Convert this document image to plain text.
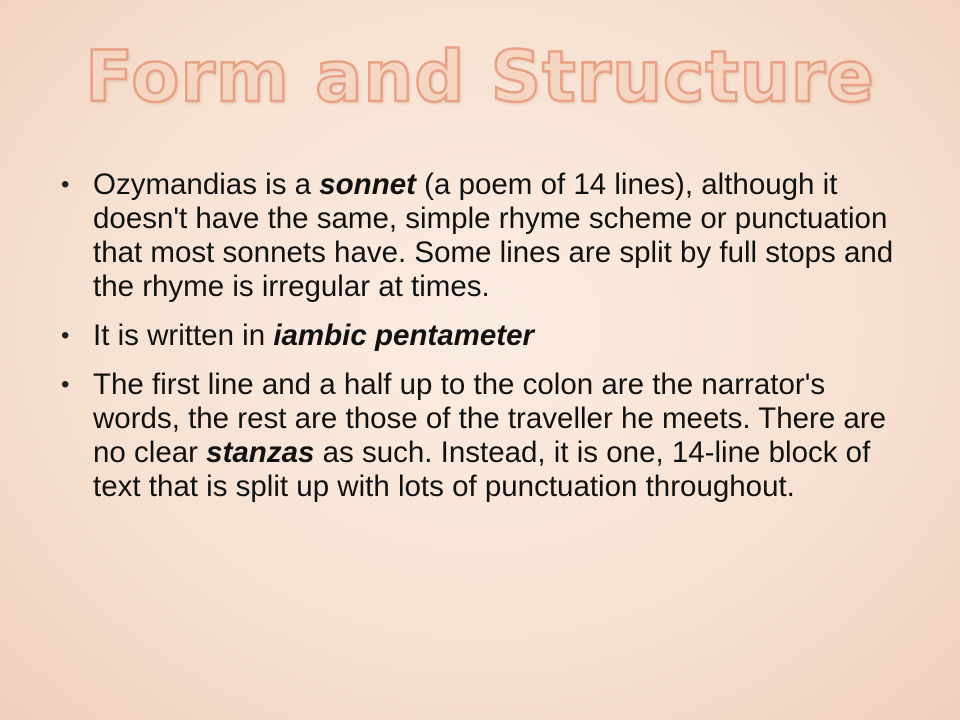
Form and Structure
• Ozymandias is a sonnet (a poem of 14 lines), although it doesn't have the same, simple rhyme scheme or punctuation that most sonnets have. Some lines are split by full stops and the rhyme is irregular at times.
• It is written in iambic pentameter
• The first line and a half up to the colon are the narrator's words, the rest are those of the traveller he meets. There are no clear stanzas as such. Instead, it is one, 14-line block of text that is split up with lots of punctuation throughout.
